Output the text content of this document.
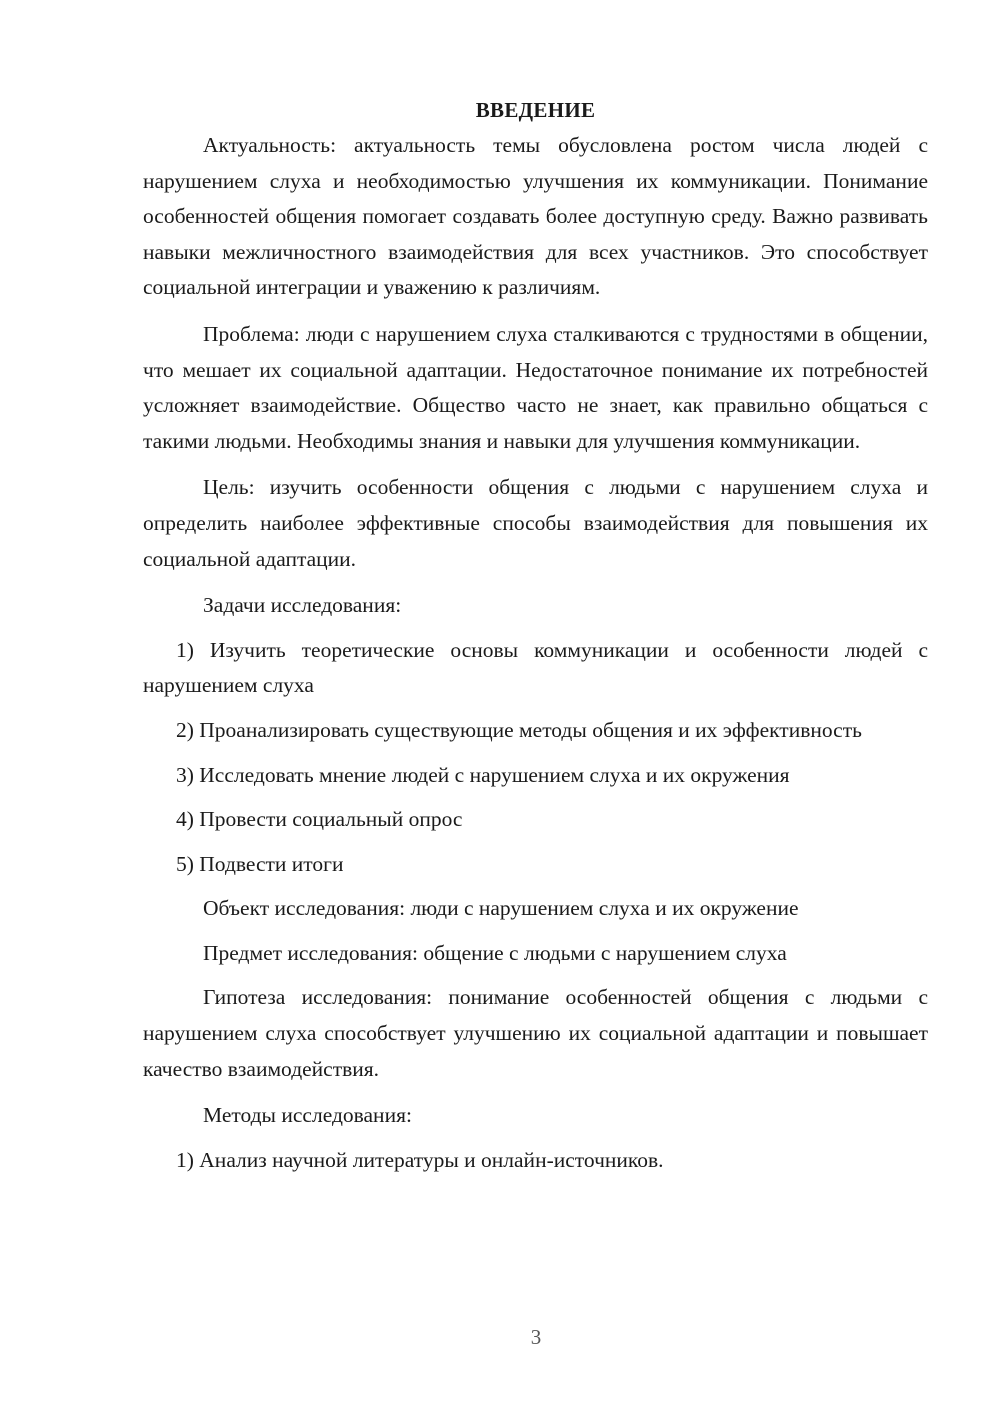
ВВЕДЕНИЕ

Актуальность: актуальность темы обусловлена ростом числа людей с нарушением слуха и необходимостью улучшения их коммуникации. Понимание особенностей общения помогает создавать более доступную среду. Важно развивать навыки межличностного взаимодействия для всех участников. Это способствует социальной интеграции и уважению к различиям.

Проблема: люди с нарушением слуха сталкиваются с трудностями в общении, что мешает их социальной адаптации. Недостаточное понимание их потребностей усложняет взаимодействие. Общество часто не знает, как правильно общаться с такими людьми. Необходимы знания и навыки для улучшения коммуникации.

Цель: изучить особенности общения с людьми с нарушением слуха и определить наиболее эффективные способы взаимодействия для повышения их социальной адаптации.

Задачи исследования:

1) Изучить теоретические основы коммуникации и особенности людей с нарушением слуха

2) Проанализировать существующие методы общения и их эффективность

3) Исследовать мнение людей с нарушением слуха и их окружения

4) Провести социальный опрос

5) Подвести итоги

Объект исследования: люди с нарушением слуха и их окружение

Предмет исследования: общение с людьми с нарушением слуха

Гипотеза исследования: понимание особенностей общения с людьми с нарушением слуха способствует улучшению их социальной адаптации и повышает качество взаимодействия.

Методы исследования:

1) Анализ научной литературы и онлайн-источников.

3
